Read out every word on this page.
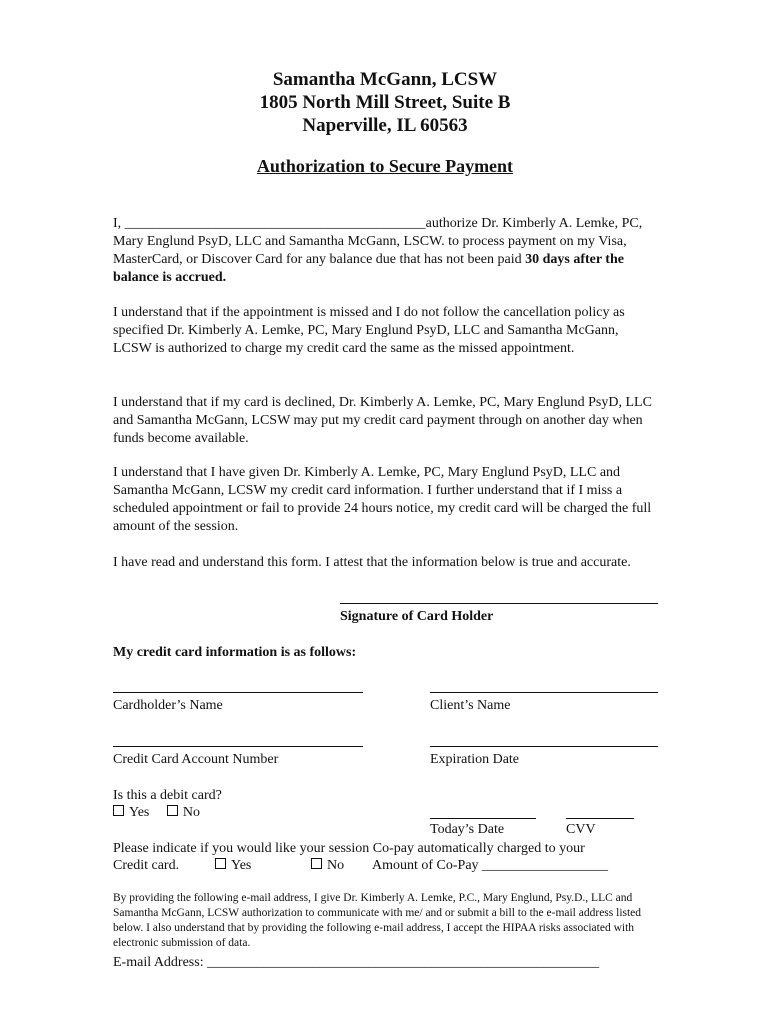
Samantha McGann, LCSW
1805 North Mill Street, Suite B
Naperville, IL 60563
Authorization to Secure Payment

I, ___________________________________________authorize Dr. Kimberly A. Lemke, PC, Mary Englund PsyD, LLC and Samantha McGann, LSCW. to process payment on my Visa, MasterCard, or Discover Card for any balance due that has not been paid 30 days after the balance is accrued.

I understand that if the appointment is missed and I do not follow the cancellation policy as specified Dr. Kimberly A. Lemke, PC, Mary Englund PsyD, LLC and Samantha McGann, LCSW is authorized to charge my credit card the same as the missed appointment.

I understand that if my card is declined, Dr. Kimberly A. Lemke, PC, Mary Englund PsyD, LLC and Samantha McGann, LCSW may put my credit card payment through on another day when funds become available.

I understand that I have given Dr. Kimberly A. Lemke, PC, Mary Englund PsyD, LLC and Samantha McGann, LCSW my credit card information. I further understand that if I miss a scheduled appointment or fail to provide 24 hours notice, my credit card will be charged the full amount of the session.

I have read and understand this form. I attest that the information below is true and accurate.

Signature of Card Holder
My credit card information is as follows:
Cardholder’s Name	Client’s Name
Credit Card Account Number	Expiration Date
Is this a debit card?
Yes No
Today’s Date	CVV
Please indicate if you would like your session Co-pay automatically charged to your
Credit card.	Yes	No Amount of Co-Pay __________________

By providing the following e-mail address, I give Dr. Kimberly A. Lemke, P.C., Mary Englund, Psy.D., LLC and Samantha McGann, LCSW authorization to communicate with me/ and or submit a bill to the e-mail address listed below. I also understand that by providing the following e-mail address, I accept the HIPAA risks associated with electronic submission of data.

E-mail Address: ________________________________________________________
